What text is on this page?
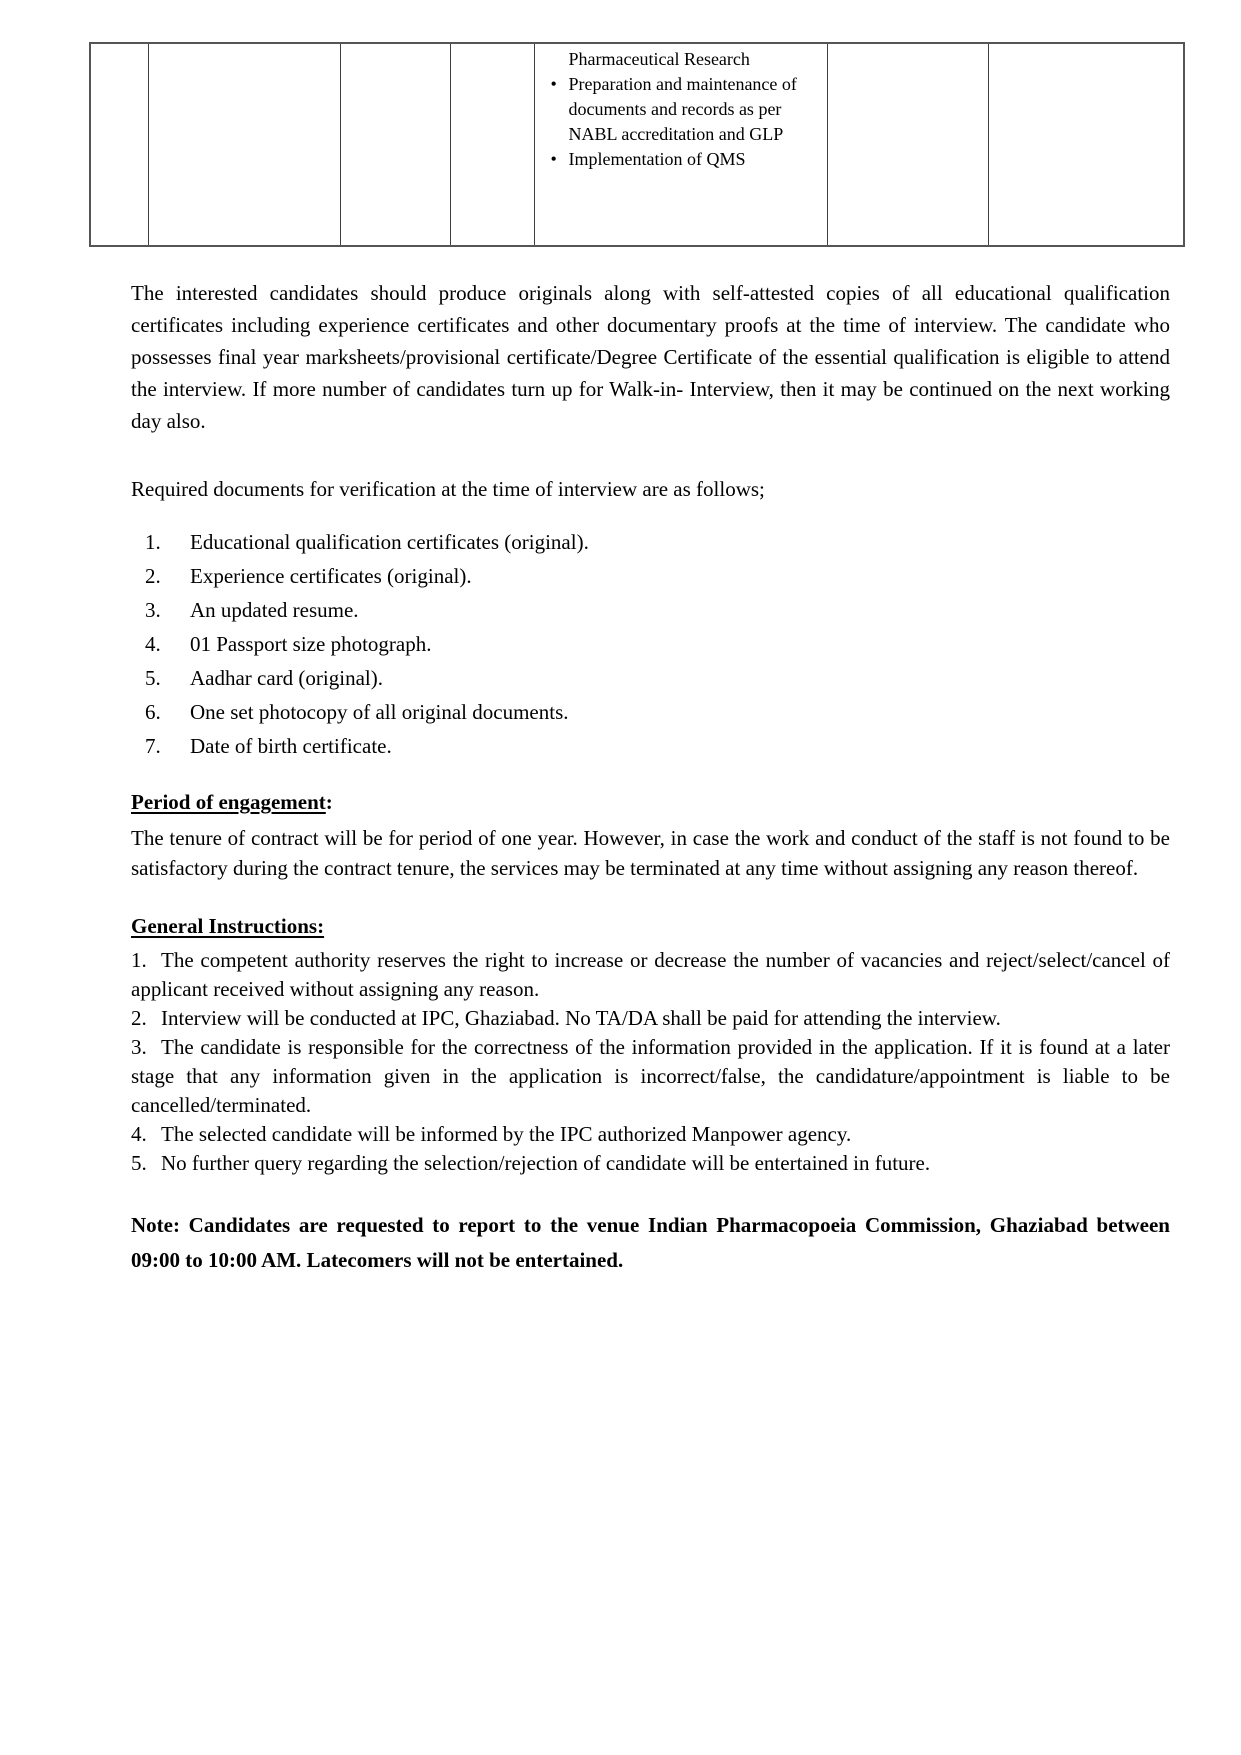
Pharmaceutical Research
• Preparation and maintenance of documents and records as per NABL accreditation and GLP
• Implementation of QMS

The interested candidates should produce originals along with self-attested copies of all educational qualification certificates including experience certificates and other documentary proofs at the time of interview. The candidate who possesses final year marksheets/provisional certificate/Degree Certificate of the essential qualification is eligible to attend the interview. If more number of candidates turn up for Walk-in- Interview, then it may be continued on the next working day also.

Required documents for verification at the time of interview are as follows;

1.	Educational qualification certificates (original).
2.	Experience certificates (original).
3.	An updated resume.
4.	01 Passport size photograph.
5.	Aadhar card (original).
6.	One set photocopy of all original documents.
7.	Date of birth certificate.

Period of engagement:

The tenure of contract will be for period of one year. However, in case the work and conduct of the staff is not found to be satisfactory during the contract tenure, the services may be terminated at any time without assigning any reason thereof.

General Instructions:

1. The competent authority reserves the right to increase or decrease the number of vacancies and reject/select/cancel of applicant received without assigning any reason.

2. Interview will be conducted at IPC, Ghaziabad. No TA/DA shall be paid for attending the interview.

3. The candidate is responsible for the correctness of the information provided in the application. If it is found at a later stage that any information given in the application is incorrect/false, the candidature/appointment is liable to be cancelled/terminated.

4. The selected candidate will be informed by the IPC authorized Manpower agency.

5. No further query regarding the selection/rejection of candidate will be entertained in future.

Note: Candidates are requested to report to the venue Indian Pharmacopoeia Commission, Ghaziabad between 09:00 to 10:00 AM. Latecomers will not be entertained.
